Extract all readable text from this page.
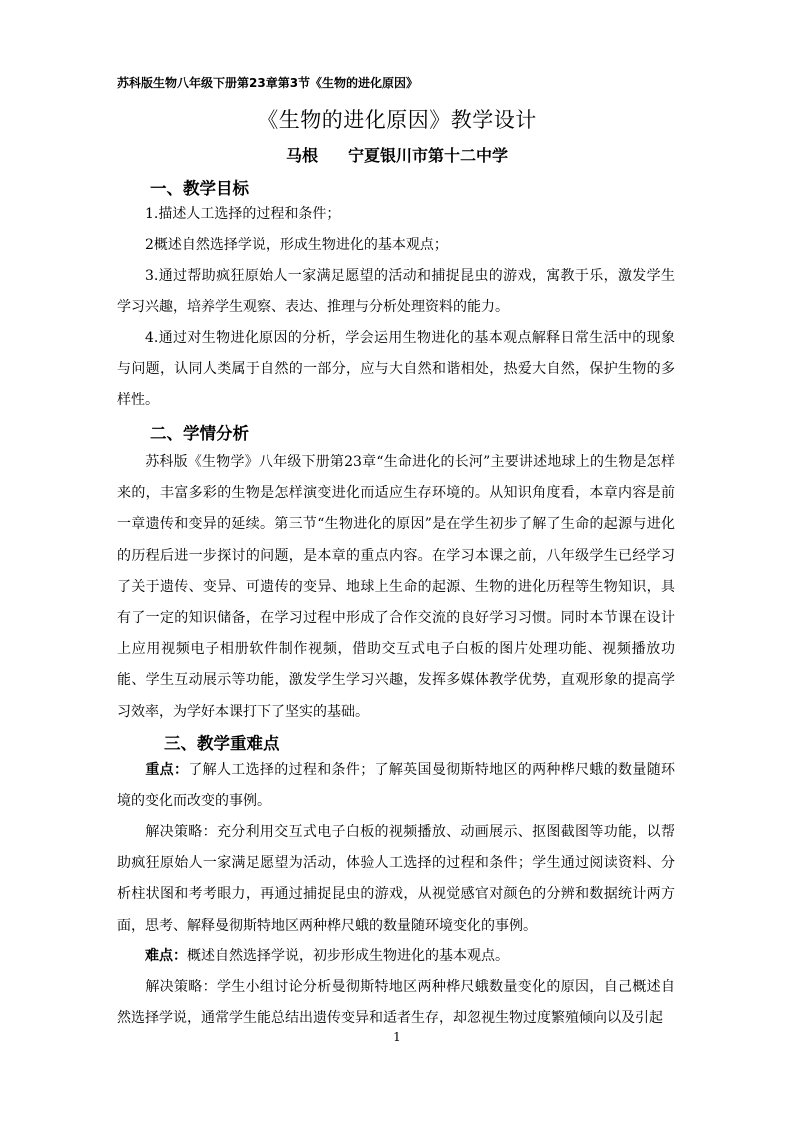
苏科版生物八年级下册第23章第3节《生物的进化原因》
《生物的进化原因》教学设计
马根 宁夏银川市第十二中学
一、教学目标
1.描述人工选择的过程和条件；
2概述自然选择学说，形成生物进化的基本观点；
3.通过帮助疯狂原始人一家满足愿望的活动和捕捉昆虫的游戏，寓教于乐，激发学生学习兴趣，培养学生观察、表达、推理与分析处理资料的能力。
4.通过对生物进化原因的分析，学会运用生物进化的基本观点解释日常生活中的现象与问题，认同人类属于自然的一部分，应与大自然和谐相处，热爱大自然，保护生物的多样性。
二、学情分析
苏科版《生物学》八年级下册第23章“生命进化的长河”主要讲述地球上的生物是怎样来的，丰富多彩的生物是怎样演变进化而适应生存环境的。从知识角度看，本章内容是前一章遗传和变异的延续。第三节“生物进化的原因”是在学生初步了解了生命的起源与进化的历程后进一步探讨的问题，是本章的重点内容。在学习本课之前，八年级学生已经学习了关于遗传、变异、可遗传的变异、地球上生命的起源、生物的进化历程等生物知识，具有了一定的知识储备，在学习过程中形成了合作交流的良好学习习惯。同时本节课在设计上应用视频电子相册软件制作视频，借助交互式电子白板的图片处理功能、视频播放功能、学生互动展示等功能，激发学生学习兴趣，发挥多媒体教学优势，直观形象的提高学习效率，为学好本课打下了坚实的基础。
三、教学重难点
重点：了解人工选择的过程和条件；了解英国曼彻斯特地区的两种桦尺蛾的数量随环境的变化而改变的事例。
解决策略：充分利用交互式电子白板的视频播放、动画展示、抠图截图等功能，以帮助疯狂原始人一家满足愿望为活动，体验人工选择的过程和条件；学生通过阅读资料、分析柱状图和考考眼力，再通过捕捉昆虫的游戏，从视觉感官对颜色的分辨和数据统计两方面，思考、解释曼彻斯特地区两种桦尺蛾的数量随环境变化的事例。
难点：概述自然选择学说，初步形成生物进化的基本观点。
解决策略：学生小组讨论分析曼彻斯特地区两种桦尺蛾数量变化的原因，自己概述自然选择学说，通常学生能总结出遗传变异和适者生存，却忽视生物过度繁殖倾向以及引起
1
